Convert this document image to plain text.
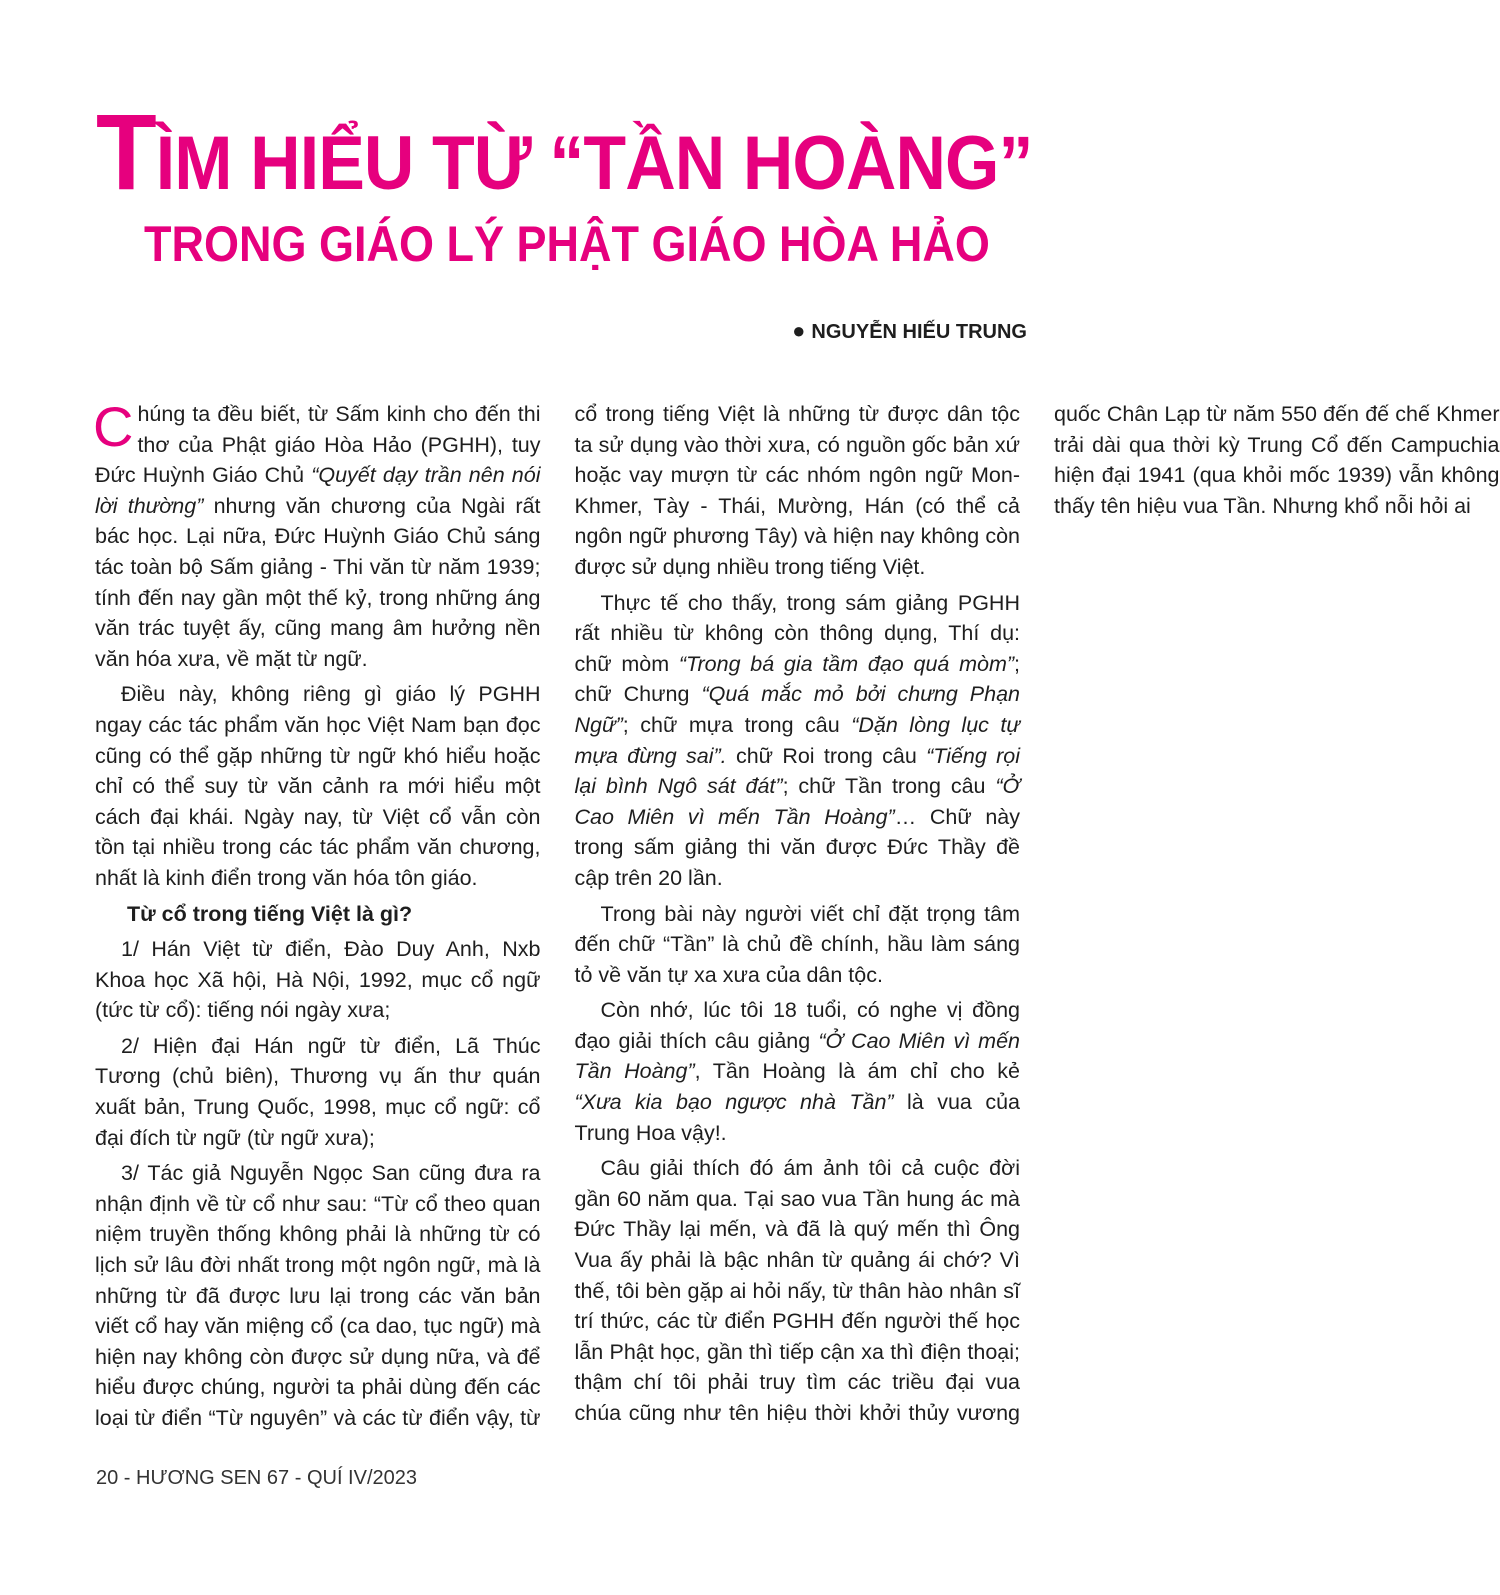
TÌM HIỂU TỪ “TẦN HOÀNG”
TRONG GIÁO LÝ PHẬT GIÁO HÒA HẢO
● NGUYỄN HIẾU TRUNG

Chúng ta đều biết, từ Sấm kinh cho đến thi thơ của Phật giáo Hòa Hảo (PGHH), tuy Đức Huỳnh Giáo Chủ “Quyết dạy trần nên nói lời thường” nhưng văn chương của Ngài rất bác học. Lại nữa, Đức Huỳnh Giáo Chủ sáng tác toàn bộ Sấm giảng - Thi văn từ năm 1939; tính đến nay gần một thế kỷ, trong những áng văn trác tuyệt ấy, cũng mang âm hưởng nền văn hóa xưa, về mặt từ ngữ.

Điều này, không riêng gì giáo lý PGHH ngay các tác phẩm văn học Việt Nam bạn đọc cũng có thể gặp những từ ngữ khó hiểu hoặc chỉ có thể suy từ văn cảnh ra mới hiểu một cách đại khái. Ngày nay, từ Việt cổ vẫn còn tồn tại nhiều trong các tác phẩm văn chương, nhất là kinh điển trong văn hóa tôn giáo.

Từ cổ trong tiếng Việt là gì?

1/ Hán Việt từ điển, Đào Duy Anh, Nxb Khoa học Xã hội, Hà Nội, 1992, mục cổ ngữ (tức từ cổ): tiếng nói ngày xưa;

2/ Hiện đại Hán ngữ từ điển, Lã Thúc Tương (chủ biên), Thương vụ ấn thư quán xuất bản, Trung Quốc, 1998, mục cổ ngữ: cổ đại đích từ ngữ (từ ngữ xưa);

3/ Tác giả Nguyễn Ngọc San cũng đưa ra nhận định về từ cổ như sau: “Từ cổ theo quan niệm truyền thống không phải là những từ có lịch sử lâu đời nhất trong một ngôn ngữ, mà là những từ đã được lưu lại trong các văn bản viết cổ hay văn miệng cổ (ca dao, tục ngữ) mà hiện nay không còn được sử dụng nữa, và để hiểu được chúng, người ta phải dùng đến các loại từ điển “Từ nguyên” và các từ điển vậy, từ cổ trong tiếng Việt là những từ được dân tộc ta sử dụng vào thời xưa, có nguồn gốc bản xứ hoặc vay mượn từ các nhóm ngôn ngữ Mon-Khmer, Tày - Thái, Mường, Hán (có thể cả ngôn ngữ phương Tây) và hiện nay không còn được sử dụng nhiều trong tiếng Việt.

Thực tế cho thấy, trong sám giảng PGHH rất nhiều từ không còn thông dụng, Thí dụ: chữ mòm “Trong bá gia tầm đạo quá mòm”; chữ Chưng “Quá mắc mỏ bởi chưng Phạn Ngữ”; chữ mựa trong câu “Dặn lòng lục tự mựa đừng sai”. chữ Roi trong câu “Tiếng rọi lại bình Ngô sát đát”; chữ Tần trong câu “Ở Cao Miên vì mến Tần Hoàng”… Chữ này trong sấm giảng thi văn được Đức Thầy đề cập trên 20 lần.

Trong bài này người viết chỉ đặt trọng tâm đến chữ “Tần” là chủ đề chính, hầu làm sáng tỏ về văn tự xa xưa của dân tộc.

Còn nhớ, lúc tôi 18 tuổi, có nghe vị đồng đạo giải thích câu giảng “Ở Cao Miên vì mến Tần Hoàng”, Tần Hoàng là ám chỉ cho kẻ “Xưa kia bạo ngược nhà Tần” là vua của Trung Hoa vậy!.

Câu giải thích đó ám ảnh tôi cả cuộc đời gần 60 năm qua. Tại sao vua Tần hung ác mà Đức Thầy lại mến, và đã là quý mến thì Ông Vua ấy phải là bậc nhân từ quảng ái chớ? Vì thế, tôi bèn gặp ai hỏi nấy, từ thân hào nhân sĩ trí thức, các từ điển PGHH đến người thế học lẫn Phật học, gần thì tiếp cận xa thì điện thoại; thậm chí tôi phải truy tìm các triều đại vua chúa cũng như tên hiệu thời khởi thủy vương quốc Chân Lạp từ năm 550 đến đế chế Khmer trải dài qua thời kỳ Trung Cổ đến Campuchia hiện đại 1941 (qua khỏi mốc 1939) vẫn không thấy tên hiệu vua Tần. Nhưng khổ nỗi hỏi ai

20 - HƯƠNG SEN 67 - QUÍ IV/2023
